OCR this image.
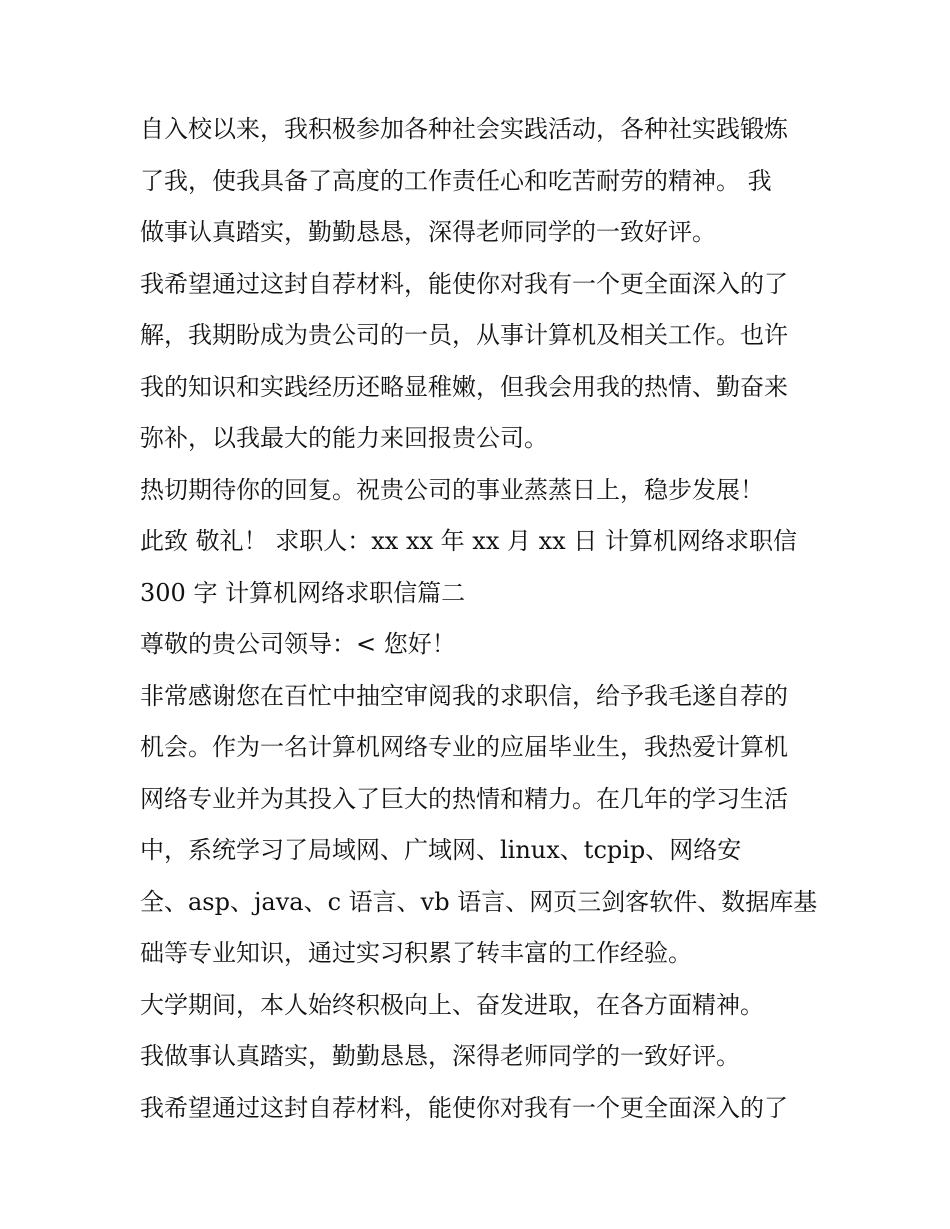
自入校以来，我积极参加各种社会实践活动，各种社实践锻炼
了我，使我具备了高度的工作责任心和吃苦耐劳的精神。 我
做事认真踏实，勤勤恳恳，深得老师同学的一致好评。
我希望通过这封自荐材料，能使你对我有一个更全面深入的了
解，我期盼成为贵公司的一员，从事计算机及相关工作。也许
我的知识和实践经历还略显稚嫩，但我会用我的热情、勤奋来
弥补，以我最大的能力来回报贵公司。
热切期待你的回复。祝贵公司的事业蒸蒸日上，稳步发展！
此致 敬礼！ 求职人：xx xx 年 xx 月 xx 日 计算机网络求职信
300 字 计算机网络求职信篇二
尊敬的贵公司领导：< 您好！
非常感谢您在百忙中抽空审阅我的求职信，给予我毛遂自荐的
机会。作为一名计算机网络专业的应届毕业生，我热爱计算机
网络专业并为其投入了巨大的热情和精力。在几年的学习生活
中，系统学习了局域网、广域网、linux、tcpip、网络安
全、asp、java、c 语言、vb 语言、网页三剑客软件、数据库基
础等专业知识，通过实习积累了转丰富的工作经验。
大学期间，本人始终积极向上、奋发进取，在各方面精神。
我做事认真踏实，勤勤恳恳，深得老师同学的一致好评。
我希望通过这封自荐材料，能使你对我有一个更全面深入的了
